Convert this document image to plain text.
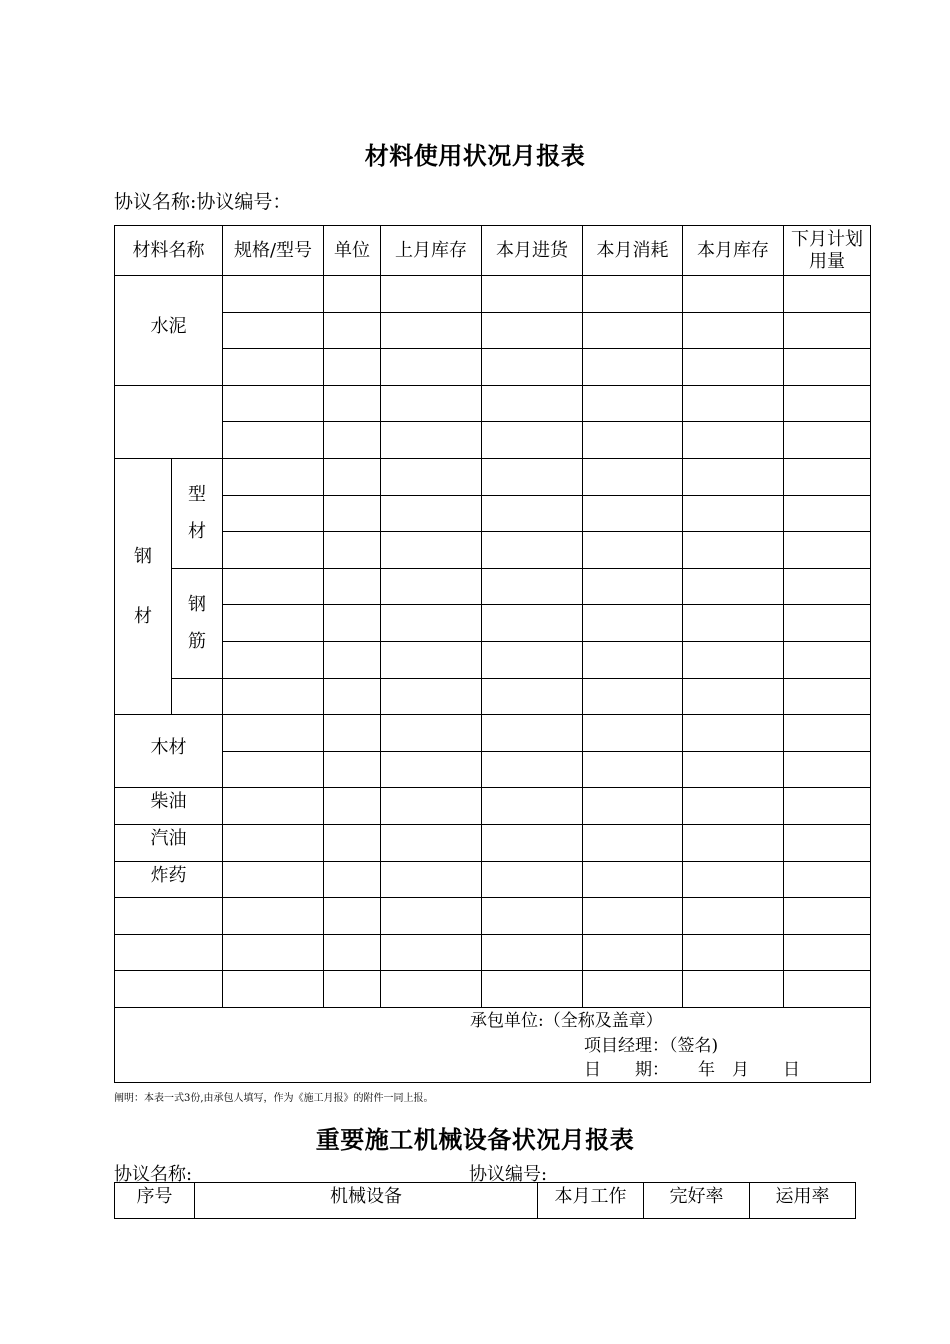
材料使用状况月报表
协议名称:协议编号：
材料名称		规格/型号	单位	上月库存	本月进货	本月消耗	本月库存	下月计划用量
水泥								

钢材	型材							

	钢筋							

木材								

柴油								
汽油								
炸药								

承包单位:（全称及盖章）
项目经理：（签名)
日　　期： 年　月　　日								
阐明：本表一式3份,由承包人填写，作为《施工月报》的附件一同上报。
重要施工机械设备状况月报表
协议名称:	协议编号:
序号	机械设备	本月工作	完好率	运用率
